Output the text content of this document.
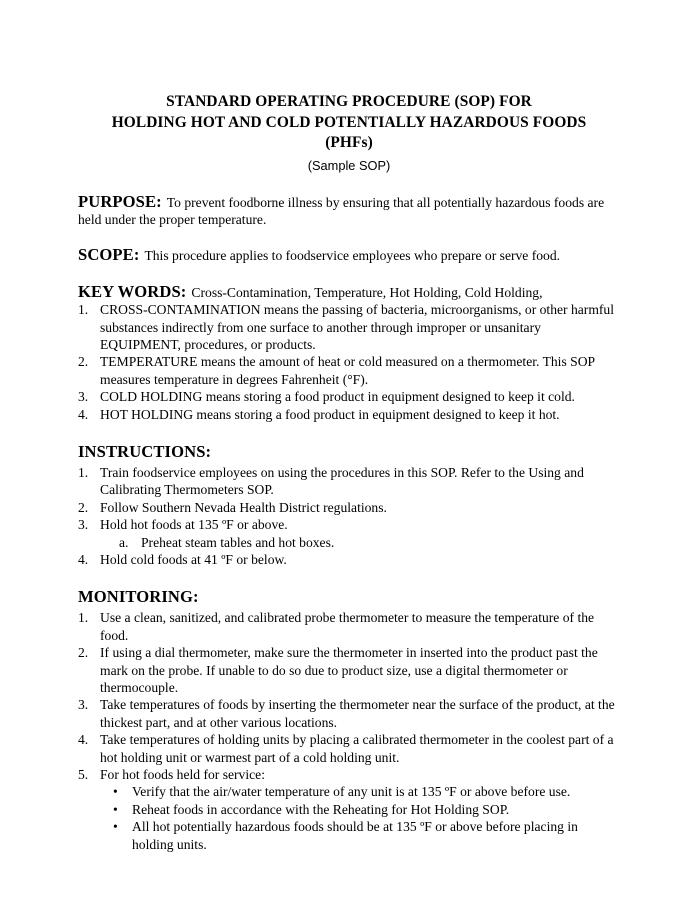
STANDARD OPERATING PROCEDURE (SOP) FOR
HOLDING HOT AND COLD POTENTIALLY HAZARDOUS FOODS
(PHFs)
(Sample SOP)

PURPOSE: To prevent foodborne illness by ensuring that all potentially hazardous foods are held under the proper temperature.

SCOPE: This procedure applies to foodservice employees who prepare or serve food.

KEY WORDS: Cross-Contamination, Temperature, Hot Holding, Cold Holding,

1. CROSS-CONTAMINATION means the passing of bacteria, microorganisms, or other harmful substances indirectly from one surface to another through improper or unsanitary EQUIPMENT, procedures, or products.
2. TEMPERATURE means the amount of heat or cold measured on a thermometer. This SOP measures temperature in degrees Fahrenheit (°F).
3. COLD HOLDING means storing a food product in equipment designed to keep it cold.
4. HOT HOLDING means storing a food product in equipment designed to keep it hot.
INSTRUCTIONS:
1. Train foodservice employees on using the procedures in this SOP. Refer to the Using and Calibrating Thermometers SOP.
2. Follow Southern Nevada Health District regulations.
3. Hold hot foods at 135 ºF or above.
a. Preheat steam tables and hot boxes.
4. Hold cold foods at 41 ºF or below.
MONITORING:
1. Use a clean, sanitized, and calibrated probe thermometer to measure the temperature of the food.
2. If using a dial thermometer, make sure the thermometer in inserted into the product past the mark on the probe. If unable to do so due to product size, use a digital thermometer or thermocouple.
3. Take temperatures of foods by inserting the thermometer near the surface of the product, at the thickest part, and at other various locations.
4. Take temperatures of holding units by placing a calibrated thermometer in the coolest part of a hot holding unit or warmest part of a cold holding unit.
5. For hot foods held for service:
• Verify that the air/water temperature of any unit is at 135 ºF or above before use.
• Reheat foods in accordance with the Reheating for Hot Holding SOP.
• All hot potentially hazardous foods should be at 135 ºF or above before placing in holding units.
